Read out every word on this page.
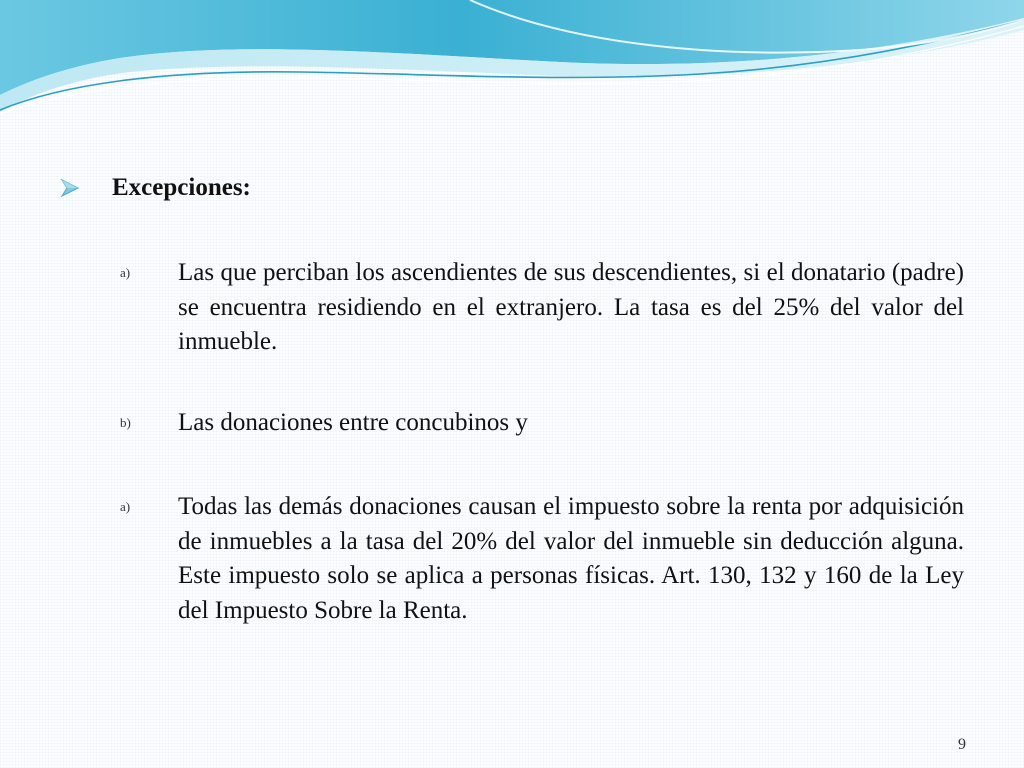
Excepciones:
a)	Las que perciban los ascendientes de sus descendientes, si el donatario (padre) se encuentra residiendo en el extranjero. La tasa es del 25% del valor del inmueble.
b)	Las donaciones entre concubinos y
a)	Todas las demás donaciones causan el impuesto sobre la renta por adquisición de inmuebles a la tasa del 20% del valor del inmueble sin deducción alguna. Este impuesto solo se aplica a personas físicas. Art. 130, 132 y 160 de la Ley del Impuesto Sobre la Renta.
9
